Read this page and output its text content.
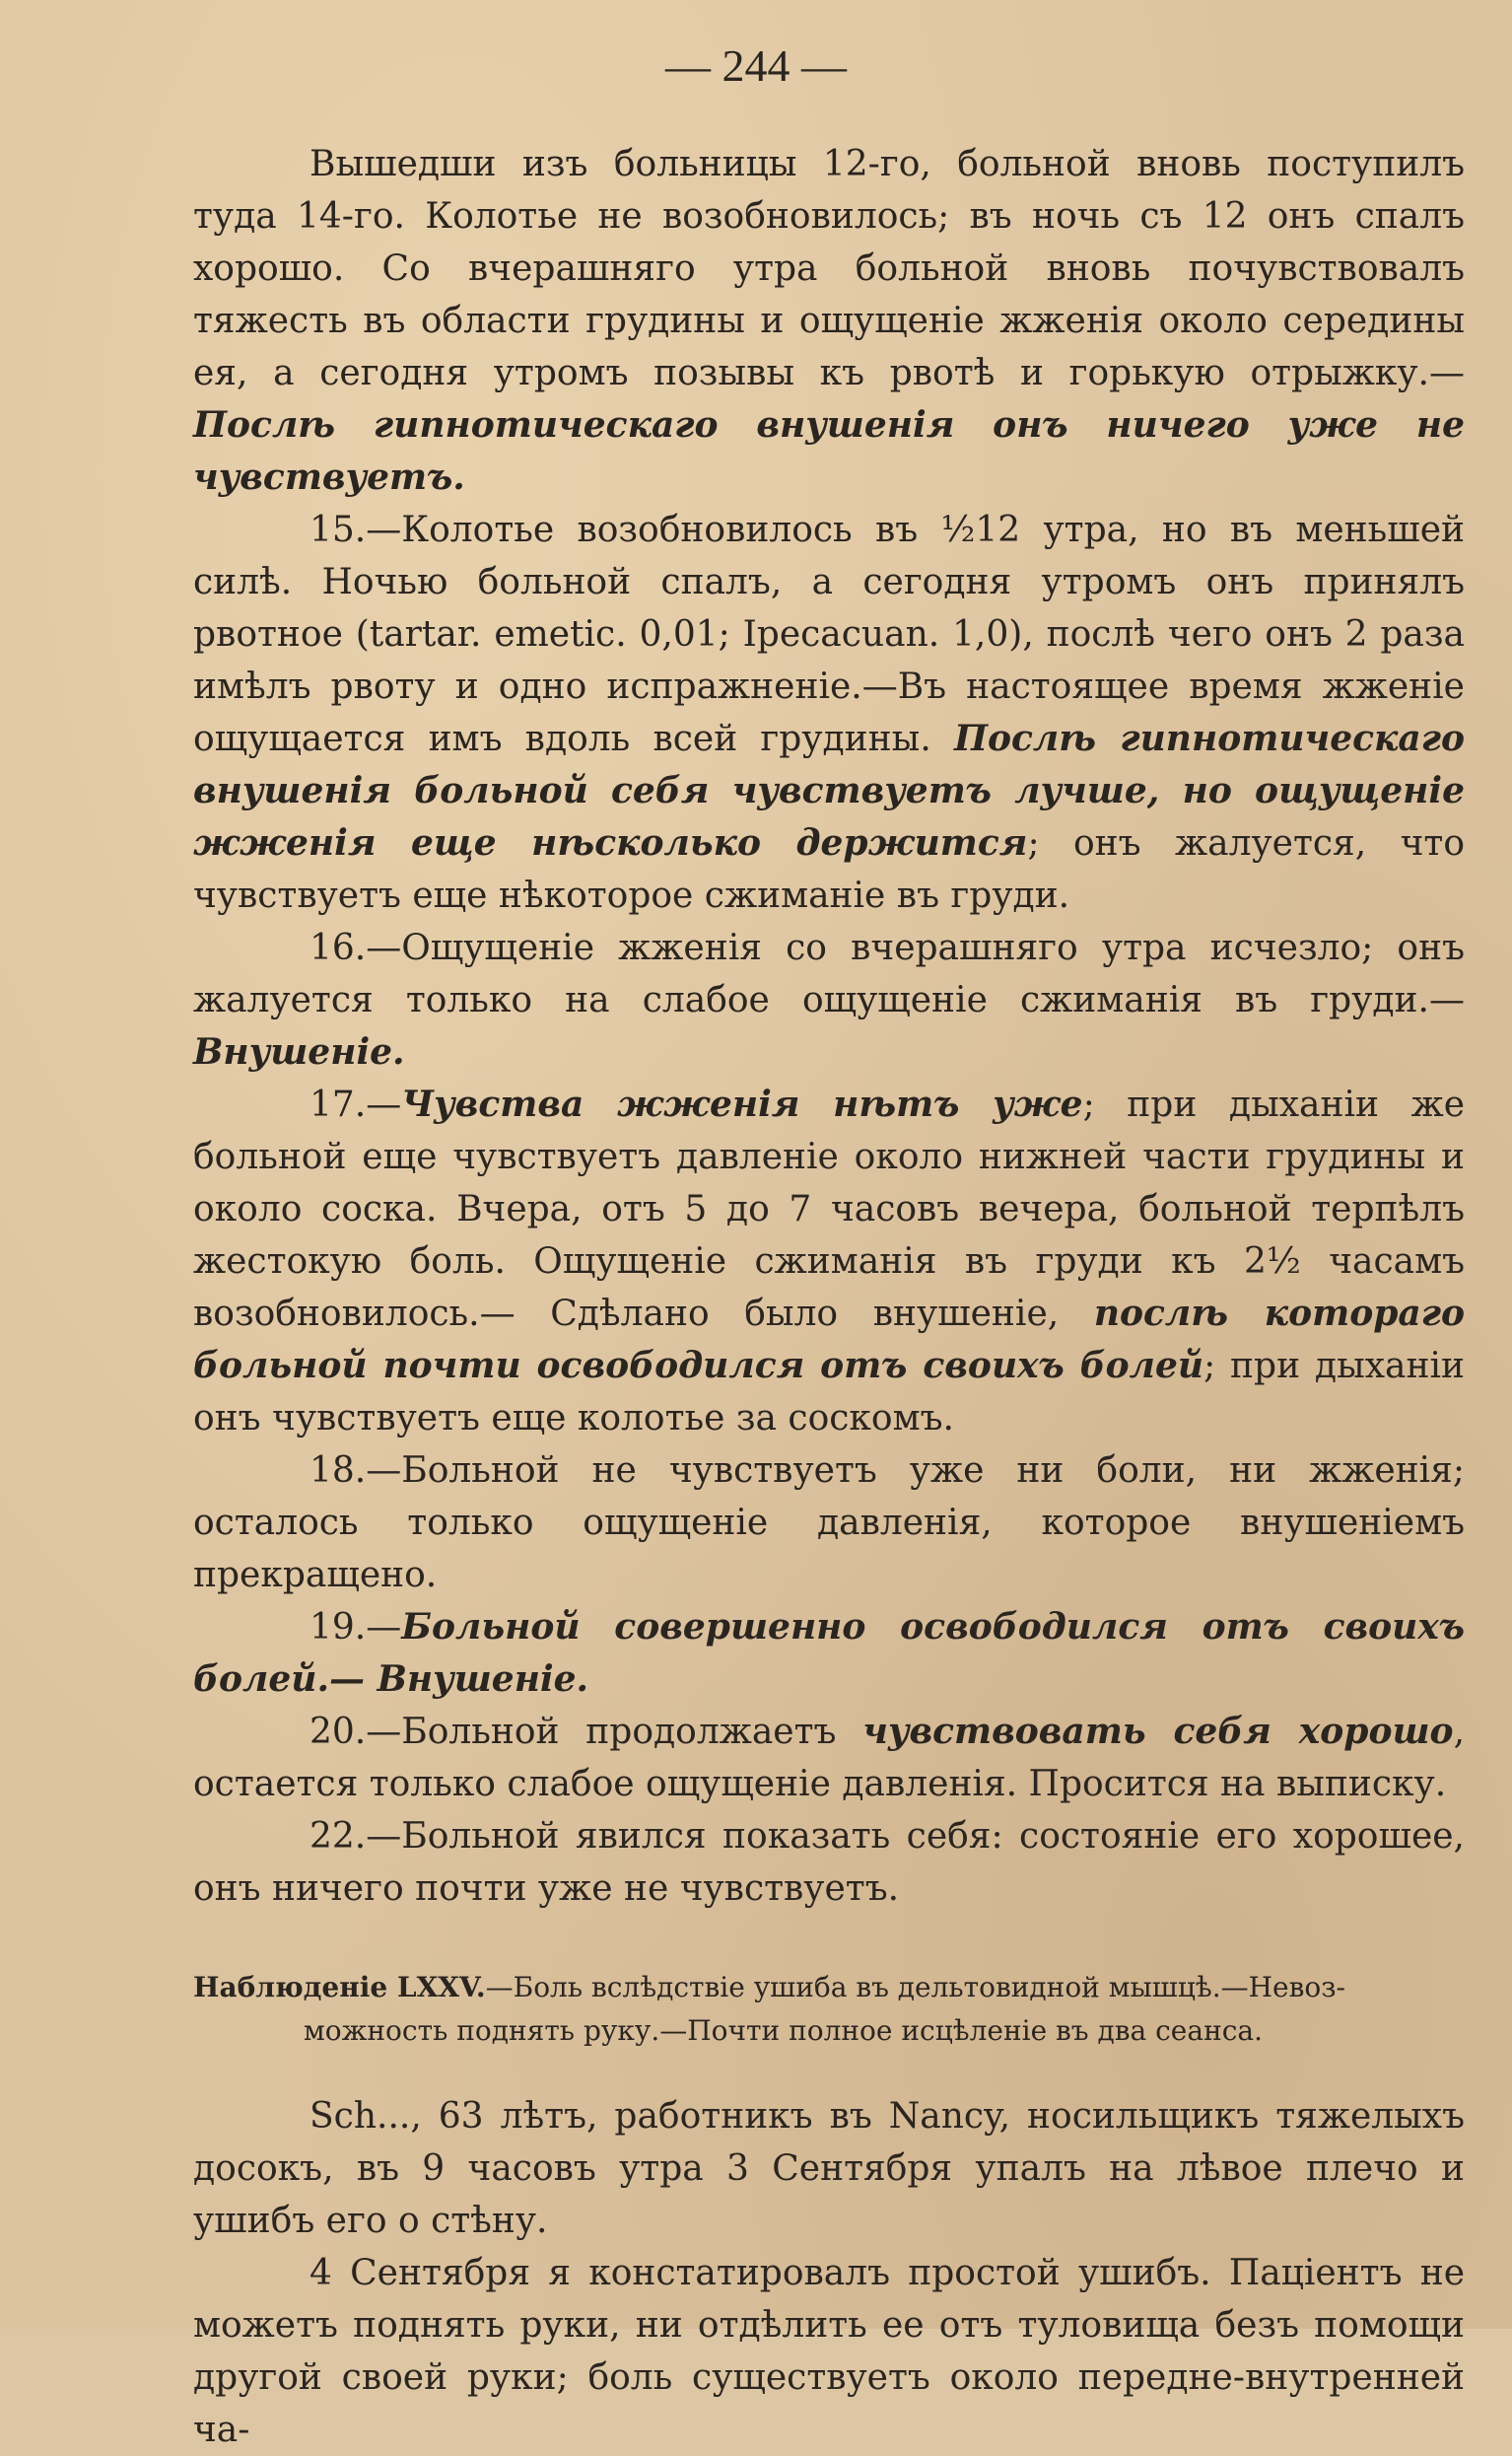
— 244 —

Вышедши изъ больницы 12-го, больной вновь поступилъ туда 14-го. Колотье не возобновилось; въ ночь съ 12 онъ спалъ хорошо. Со вчерашняго утра больной вновь почувствовалъ тяжесть въ области грудины и ощущеніе жженія около середины ея, а сегодня утромъ позывы къ рвотѣ и горькую отрыжку.—Послѣ гипнотическаго внушенія онъ ничего уже не чувствуетъ.

15.—Колотье возобновилось въ ½12 утра, но въ меньшей силѣ. Ночью больной спалъ, а сегодня утромъ онъ принялъ рвотное (tartar. emetic. 0,01; Ipecacuan. 1,0), послѣ чего онъ 2 раза имѣлъ рвоту и одно испражненіе.—Въ настоящее время жженіе ощущается имъ вдоль всей грудины. Послѣ гипнотическаго внушенія больной себя чувствуетъ лучше, но ощущеніе жженія еще нѣсколько держится; онъ жалуется, что чувствуетъ еще нѣкоторое сжиманіе въ груди.

16.—Ощущеніе жженія со вчерашняго утра исчезло; онъ жалуется только на слабое ощущеніе сжиманія въ груди.—Внушеніе.

17.—Чувства жженія нѣтъ уже; при дыханіи же больной еще чувствуетъ давленіе около нижней части грудины и около соска. Вчера, отъ 5 до 7 часовъ вечера, больной терпѣлъ жестокую боль. Ощущеніе сжиманія въ груди къ 2½ часамъ возобновилось.— Сдѣлано было внушеніе, послѣ котораго больной почти освободился отъ своихъ болей; при дыханіи онъ чувствуетъ еще колотье за соскомъ.

18.—Больной не чувствуетъ уже ни боли, ни жженія; осталось только ощущеніе давленія, которое внушеніемъ прекращено.

19.—Больной совершенно освободился отъ своихъ болей.— Внушеніе.

20.—Больной продолжаетъ чувствовать себя хорошо, остается только слабое ощущеніе давленія. Просится на выписку.

22.—Больной явился показать себя: состояніе его хорошее, онъ ничего почти уже не чувствуетъ.

Наблюденіе LXXV.—Боль вслѣдствіе ушиба въ дельтовидной мышцѣ.—Невоз-
можность поднять руку.—Почти полное исцѣленіе въ два сеанса.

Sch..., 63 лѣтъ, работникъ въ Nancy, носильщикъ тяжелыхъ досокъ, въ 9 часовъ утра 3 Сентября упалъ на лѣвое плечо и ушибъ его о стѣну.

4 Сентября я констатировалъ простой ушибъ. Паціентъ не можетъ поднять руки, ни отдѣлить ее отъ туловища безъ помощи другой своей руки; боль существуетъ около передне-внутренней ча-
